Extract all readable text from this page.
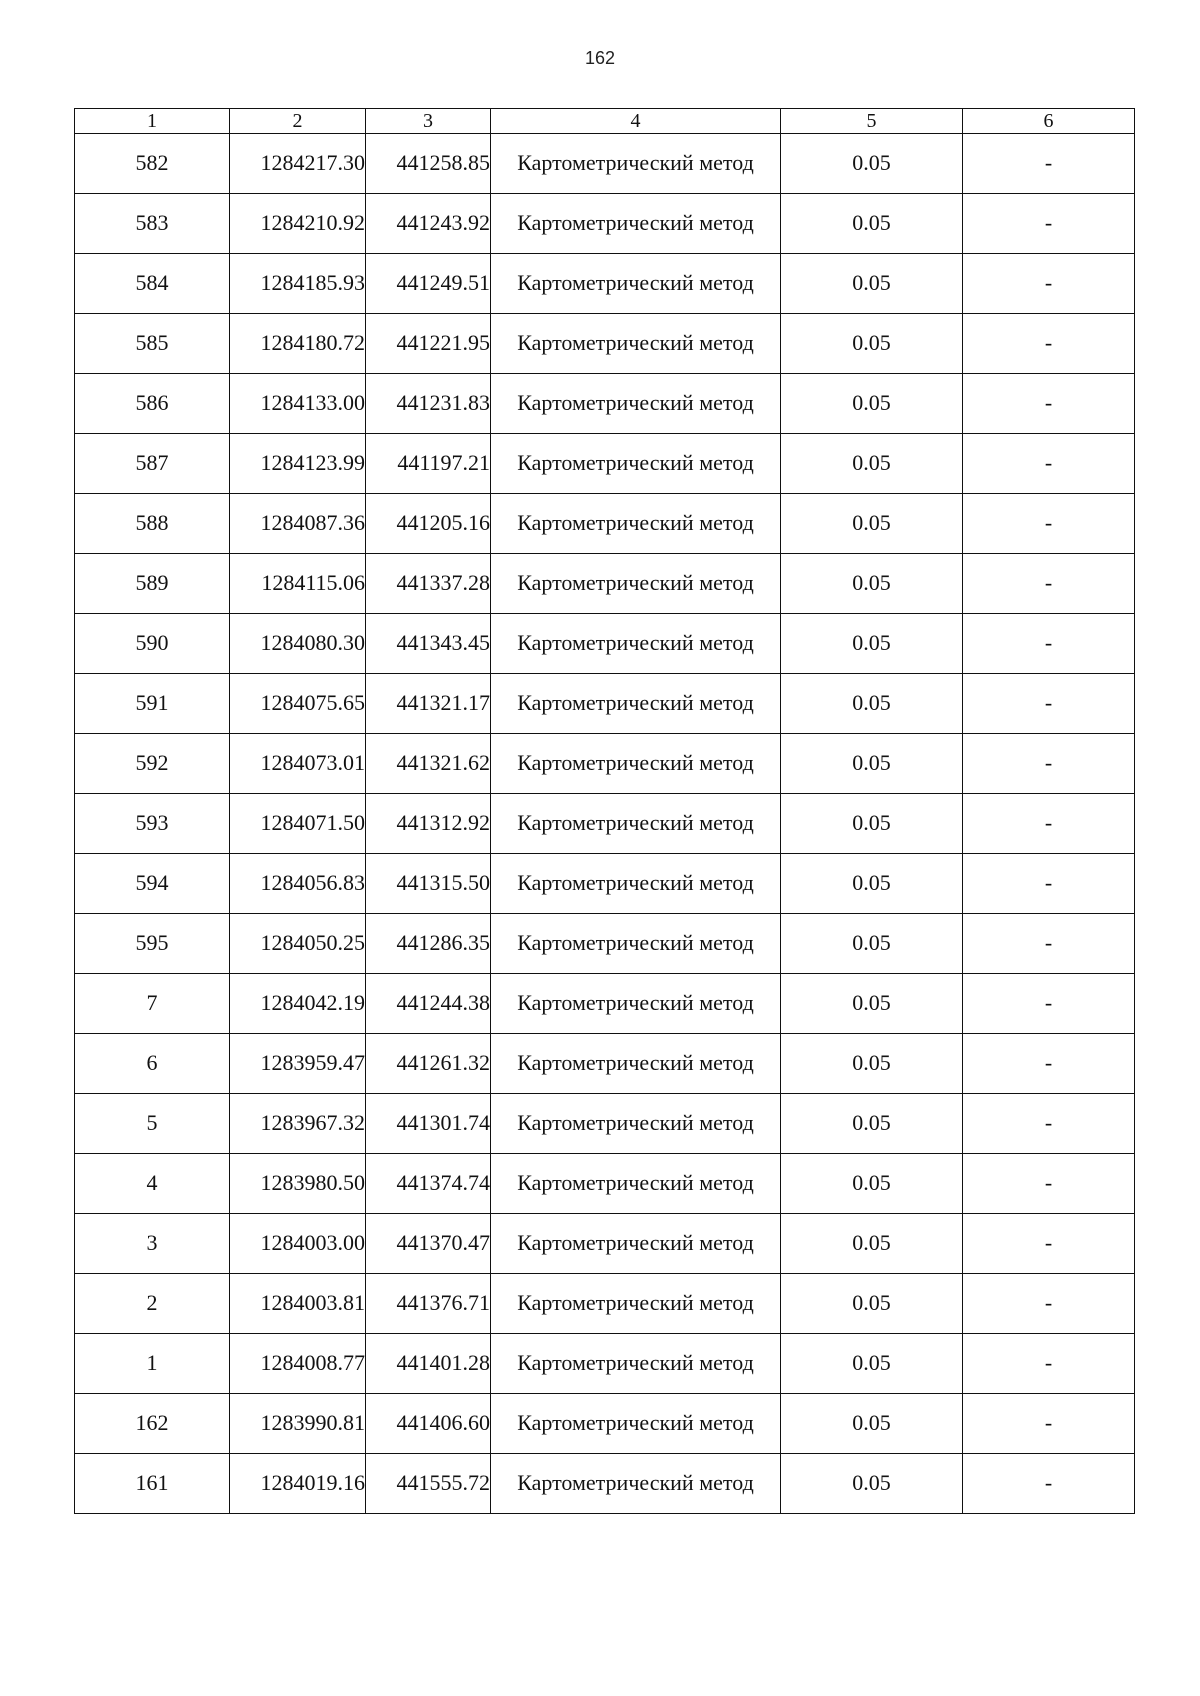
162
1	2	3	4	5	6
582	1284217.30	441258.85	Картометрический метод	0.05	-
583	1284210.92	441243.92	Картометрический метод	0.05	-
584	1284185.93	441249.51	Картометрический метод	0.05	-
585	1284180.72	441221.95	Картометрический метод	0.05	-
586	1284133.00	441231.83	Картометрический метод	0.05	-
587	1284123.99	441197.21	Картометрический метод	0.05	-
588	1284087.36	441205.16	Картометрический метод	0.05	-
589	1284115.06	441337.28	Картометрический метод	0.05	-
590	1284080.30	441343.45	Картометрический метод	0.05	-
591	1284075.65	441321.17	Картометрический метод	0.05	-
592	1284073.01	441321.62	Картометрический метод	0.05	-
593	1284071.50	441312.92	Картометрический метод	0.05	-
594	1284056.83	441315.50	Картометрический метод	0.05	-
595	1284050.25	441286.35	Картометрический метод	0.05	-
7	1284042.19	441244.38	Картометрический метод	0.05	-
6	1283959.47	441261.32	Картометрический метод	0.05	-
5	1283967.32	441301.74	Картометрический метод	0.05	-
4	1283980.50	441374.74	Картометрический метод	0.05	-
3	1284003.00	441370.47	Картометрический метод	0.05	-
2	1284003.81	441376.71	Картометрический метод	0.05	-
1	1284008.77	441401.28	Картометрический метод	0.05	-
162	1283990.81	441406.60	Картометрический метод	0.05	-
161	1284019.16	441555.72	Картометрический метод	0.05	-
